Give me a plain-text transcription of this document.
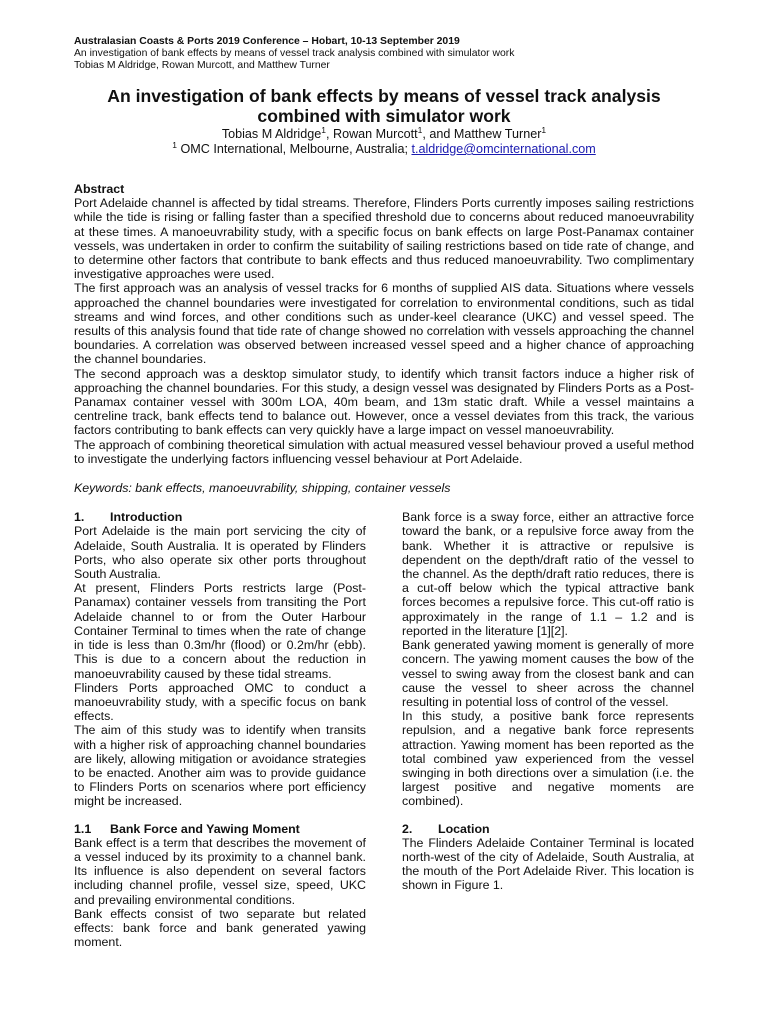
Australasian Coasts & Ports 2019 Conference – Hobart, 10-13 September 2019
An investigation of bank effects by means of vessel track analysis combined with simulator work
Tobias M Aldridge, Rowan Murcott, and Matthew Turner
An investigation of bank effects by means of vessel track analysis
combined with simulator work
Tobias M Aldridge$^1$, Rowan Murcott$^1$, and Matthew Turner$^1$
$^1$ OMC International, Melbourne, Australia; t.aldridge@omcinternational.com
Abstract

Port Adelaide channel is affected by tidal streams. Therefore, Flinders Ports currently imposes sailing restrictions while the tide is rising or falling faster than a specified threshold due to concerns about reduced manoeuvrability at these times. A manoeuvrability study, with a specific focus on bank effects on large Post-Panamax container vessels, was undertaken in order to confirm the suitability of sailing restrictions based on tide rate of change, and to determine other factors that contribute to bank effects and thus reduced manoeuvrability. Two complimentary investigative approaches were used.

The first approach was an analysis of vessel tracks for 6 months of supplied AIS data. Situations where vessels approached the channel boundaries were investigated for correlation to environmental conditions, such as tidal streams and wind forces, and other conditions such as under-keel clearance (UKC) and vessel speed. The results of this analysis found that tide rate of change showed no correlation with vessels approaching the channel boundaries. A correlation was observed between increased vessel speed and a higher chance of approaching the channel boundaries.

The second approach was a desktop simulator study, to identify which transit factors induce a higher risk of approaching the channel boundaries. For this study, a design vessel was designated by Flinders Ports as a Post-Panamax container vessel with 300m LOA, 40m beam, and 13m static draft. While a vessel maintains a centreline track, bank effects tend to balance out. However, once a vessel deviates from this track, the various factors contributing to bank effects can very quickly have a large impact on vessel manoeuvrability.

The approach of combining theoretical simulation with actual measured vessel behaviour proved a useful method to investigate the underlying factors influencing vessel behaviour at Port Adelaide.

Keywords: bank effects, manoeuvrability, shipping, container vessels
1.	Introduction

Port Adelaide is the main port servicing the city of Adelaide, South Australia. It is operated by Flinders Ports, who also operate six other ports throughout South Australia.

At present, Flinders Ports restricts large (Post-Panamax) container vessels from transiting the Port Adelaide channel to or from the Outer Harbour Container Terminal to times when the rate of change in tide is less than 0.3m/hr (flood) or 0.2m/hr (ebb). This is due to a concern about the reduction in manoeuvrability caused by these tidal streams.

Flinders Ports approached OMC to conduct a manoeuvrability study, with a specific focus on bank effects.

The aim of this study was to identify when transits with a higher risk of approaching channel boundaries are likely, allowing mitigation or avoidance strategies to be enacted. Another aim was to provide guidance to Flinders Ports on scenarios where port efficiency might be increased.

1.1	Bank Force and Yawing Moment

Bank effect is a term that describes the movement of a vessel induced by its proximity to a channel bank. Its influence is also dependent on several factors including channel profile, vessel size, speed, UKC and prevailing environmental conditions.

Bank effects consist of two separate but related effects: bank force and bank generated yawing moment.

Bank force is a sway force, either an attractive force toward the bank, or a repulsive force away from the bank. Whether it is attractive or repulsive is dependent on the depth/draft ratio of the vessel to the channel. As the depth/draft ratio reduces, there is a cut-off below which the typical attractive bank forces becomes a repulsive force. This cut-off ratio is approximately in the range of 1.1 – 1.2 and is reported in the literature [1][2].

Bank generated yawing moment is generally of more concern. The yawing moment causes the bow of the vessel to swing away from the closest bank and can cause the vessel to sheer across the channel resulting in potential loss of control of the vessel.

In this study, a positive bank force represents repulsion, and a negative bank force represents attraction. Yawing moment has been reported as the total combined yaw experienced from the vessel swinging in both directions over a simulation (i.e. the largest positive and negative moments are combined).

2.	Location

The Flinders Adelaide Container Terminal is located north-west of the city of Adelaide, South Australia, at the mouth of the Port Adelaide River. This location is shown in Figure 1.
